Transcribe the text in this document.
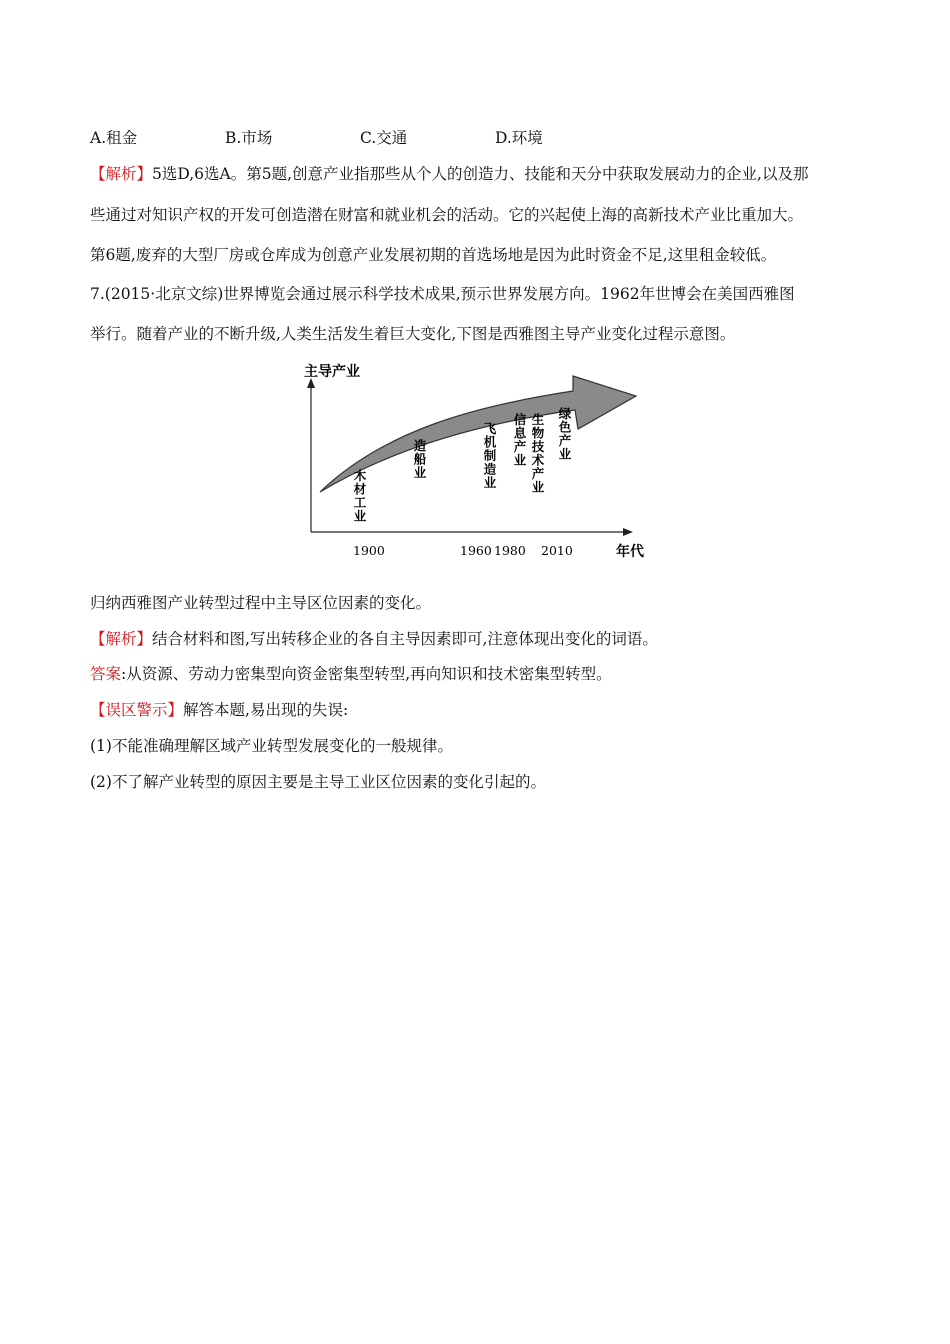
A.租金	B.市场	C.交通	D.环境
【解析】5选D,6选A。第5题,创意产业指那些从个人的创造力、技能和天分中获取发展动力的企业,以及那
些通过对知识产权的开发可创造潜在财富和就业机会的活动。它的兴起使上海的高新技术产业比重加大。
第6题,废弃的大型厂房或仓库成为创意产业发展初期的首选场地是因为此时资金不足,这里租金较低。
7.(2015·北京文综)世界博览会通过展示科学技术成果,预示世界发展方向。1962年世博会在美国西雅图
举行。随着产业的不断升级,人类生活发生着巨大变化,下图是西雅图主导产业变化过程示意图。
主导产业
年代
1900	1960 1980 2010
木材工业
造船业
飞机制造业
信息产业
生物技术产业
绿色产业
归纳西雅图产业转型过程中主导区位因素的变化。
【解析】结合材料和图,写出转移企业的各自主导因素即可,注意体现出变化的词语。
答案:从资源、劳动力密集型向资金密集型转型,再向知识和技术密集型转型。
【误区警示】解答本题,易出现的失误:
(1)不能准确理解区域产业转型发展变化的一般规律。
(2)不了解产业转型的原因主要是主导工业区位因素的变化引起的。
